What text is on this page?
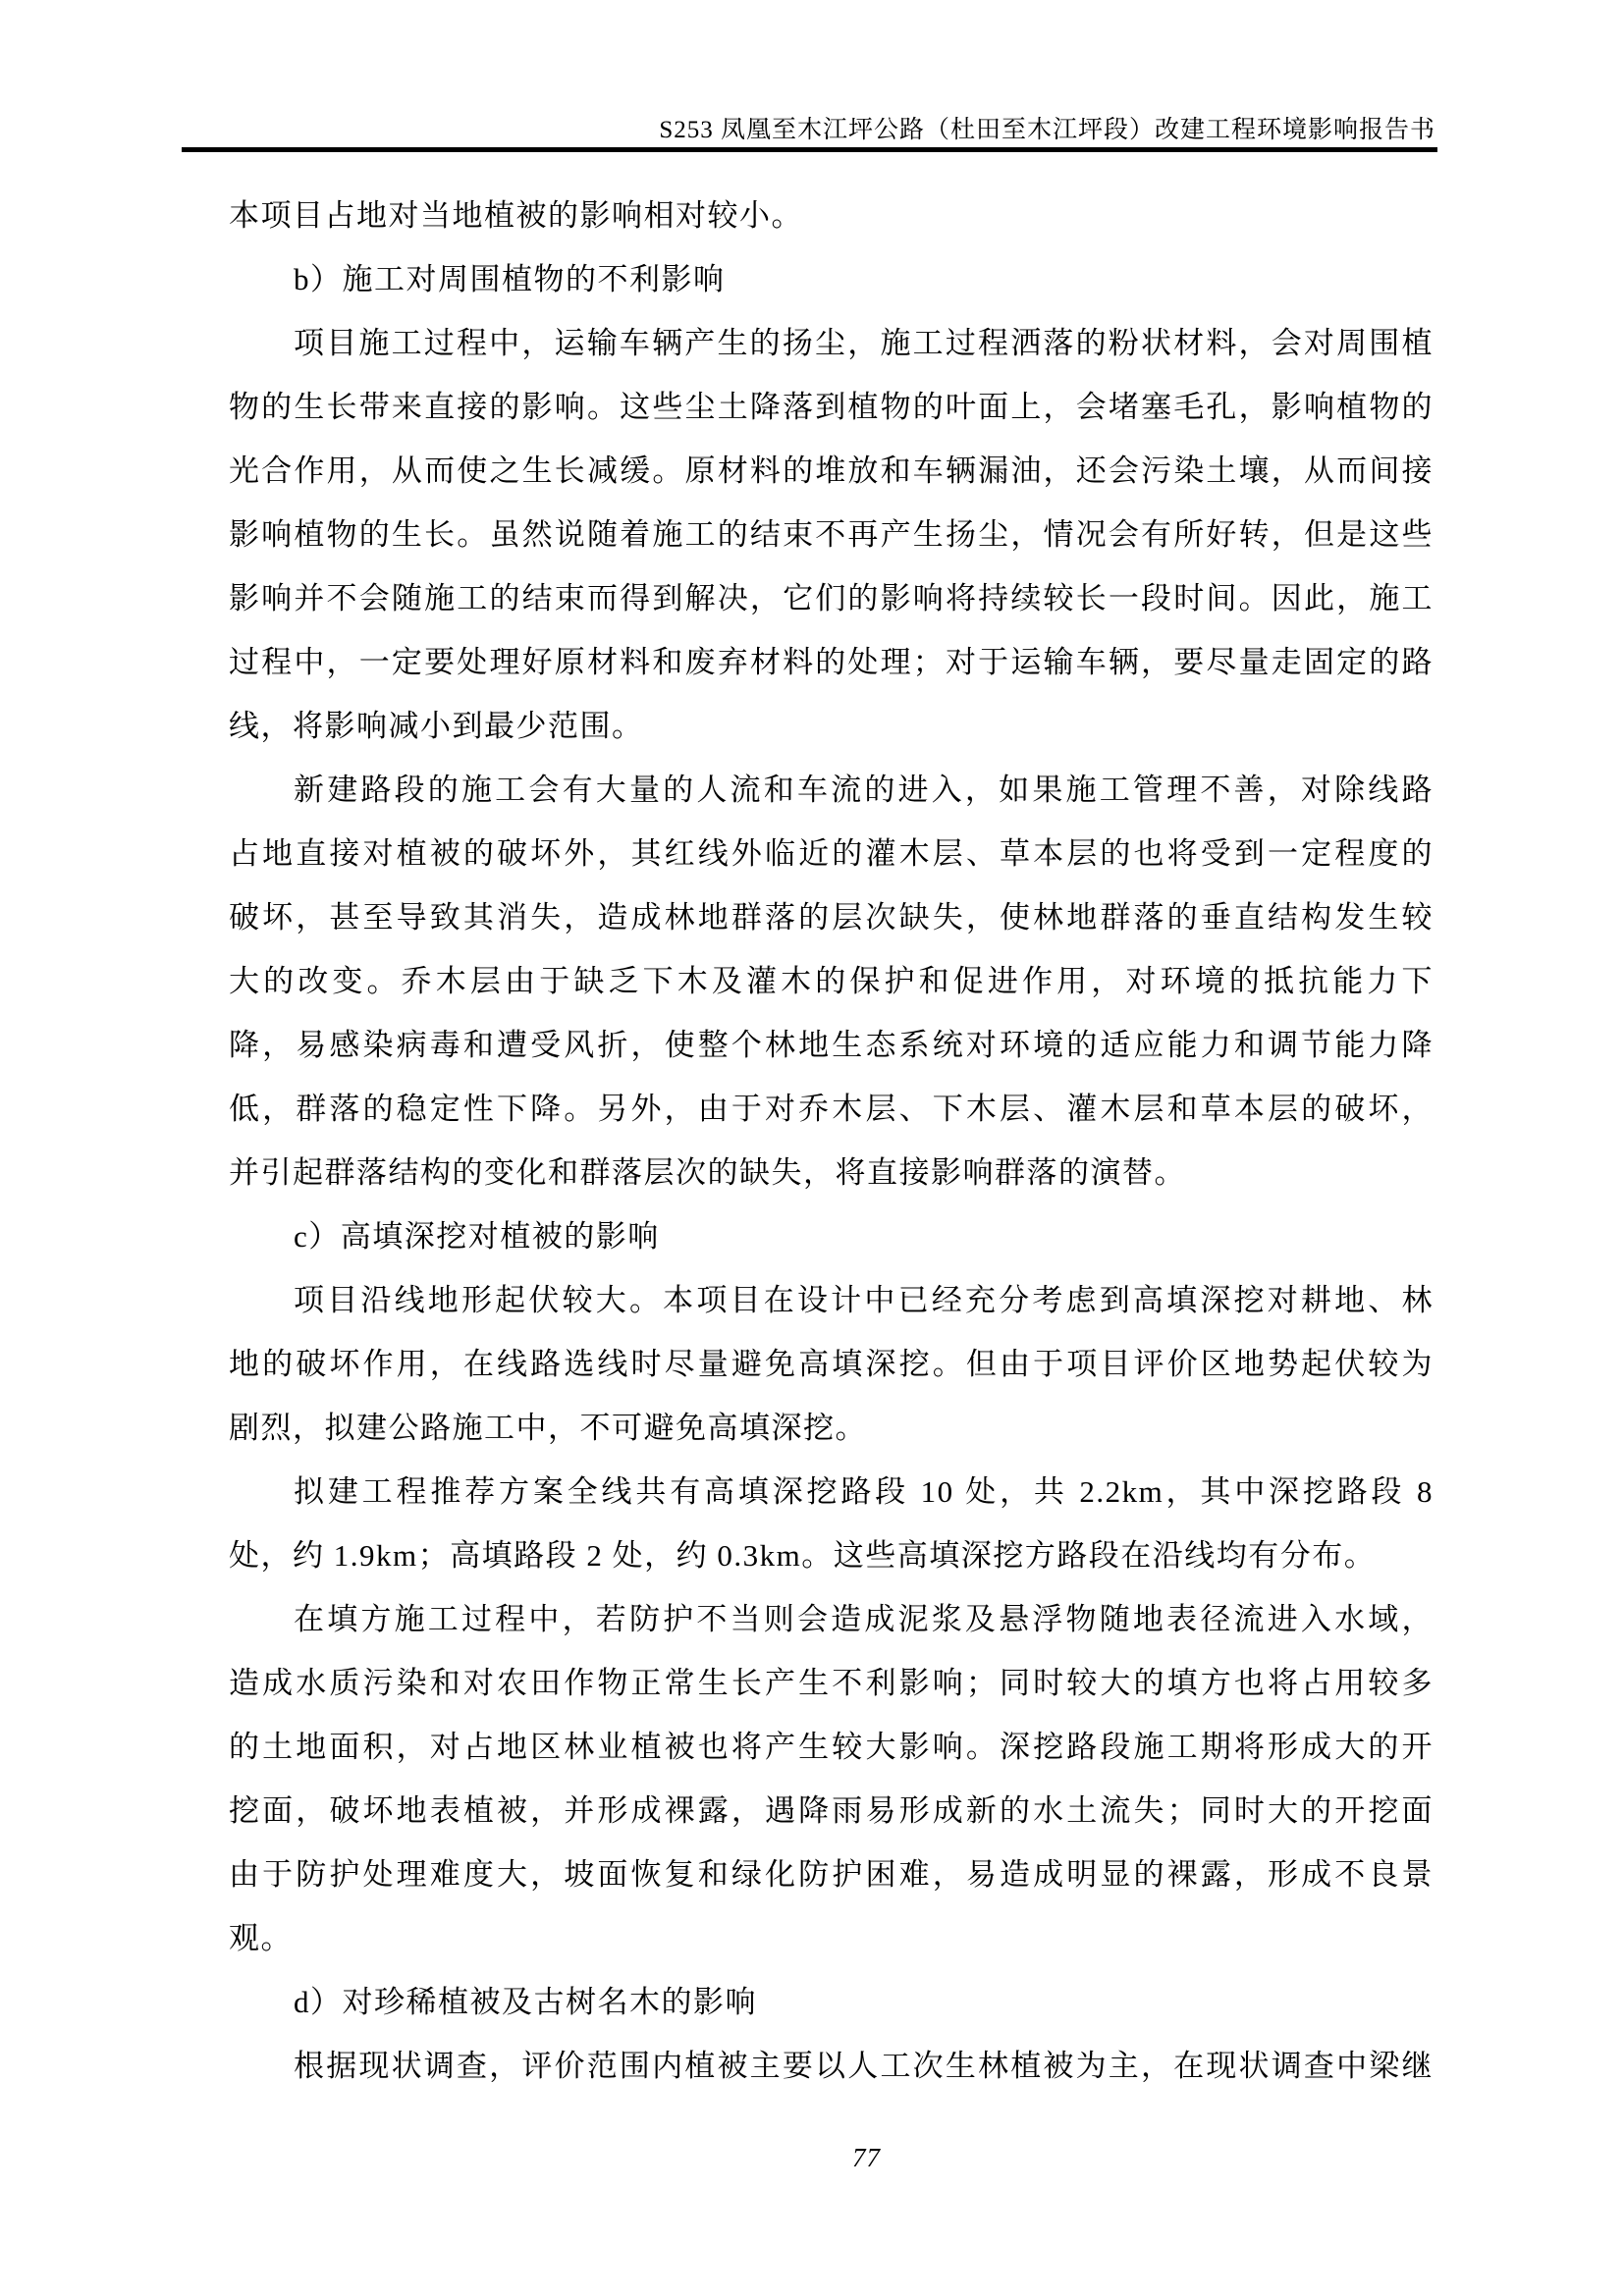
S253 凤凰至木江坪公路（杜田至木江坪段）改建工程环境影响报告书
本项目占地对当地植被的影响相对较小。
b）施工对周围植物的不利影响
项目施工过程中，运输车辆产生的扬尘，施工过程洒落的粉状材料，会对周围植
物的生长带来直接的影响。这些尘土降落到植物的叶面上，会堵塞毛孔，影响植物的
光合作用，从而使之生长减缓。原材料的堆放和车辆漏油，还会污染土壤，从而间接
影响植物的生长。虽然说随着施工的结束不再产生扬尘，情况会有所好转，但是这些
影响并不会随施工的结束而得到解决，它们的影响将持续较长一段时间。因此，施工
过程中，一定要处理好原材料和废弃材料的处理；对于运输车辆，要尽量走固定的路
线，将影响减小到最少范围。
新建路段的施工会有大量的人流和车流的进入，如果施工管理不善，对除线路
占地直接对植被的破坏外，其红线外临近的灌木层、草本层的也将受到一定程度的
破坏，甚至导致其消失，造成林地群落的层次缺失，使林地群落的垂直结构发生较
大的改变。乔木层由于缺乏下木及灌木的保护和促进作用，对环境的抵抗能力下
降，易感染病毒和遭受风折，使整个林地生态系统对环境的适应能力和调节能力降
低，群落的稳定性下降。另外，由于对乔木层、下木层、灌木层和草本层的破坏，
并引起群落结构的变化和群落层次的缺失，将直接影响群落的演替。
c）高填深挖对植被的影响
项目沿线地形起伏较大。本项目在设计中已经充分考虑到高填深挖对耕地、林
地的破坏作用，在线路选线时尽量避免高填深挖。但由于项目评价区地势起伏较为
剧烈，拟建公路施工中，不可避免高填深挖。
拟建工程推荐方案全线共有高填深挖路段 10 处，共 2.2km，其中深挖路段 8
处，约 1.9km；高填路段 2 处，约 0.3km。这些高填深挖方路段在沿线均有分布。
在填方施工过程中，若防护不当则会造成泥浆及悬浮物随地表径流进入水域，
造成水质污染和对农田作物正常生长产生不利影响；同时较大的填方也将占用较多
的土地面积，对占地区林业植被也将产生较大影响。深挖路段施工期将形成大的开
挖面，破坏地表植被，并形成裸露，遇降雨易形成新的水土流失；同时大的开挖面
由于防护处理难度大，坡面恢复和绿化防护困难，易造成明显的裸露，形成不良景
观。
d）对珍稀植被及古树名木的影响
根据现状调查，评价范围内植被主要以人工次生林植被为主，在现状调查中梁继
77
